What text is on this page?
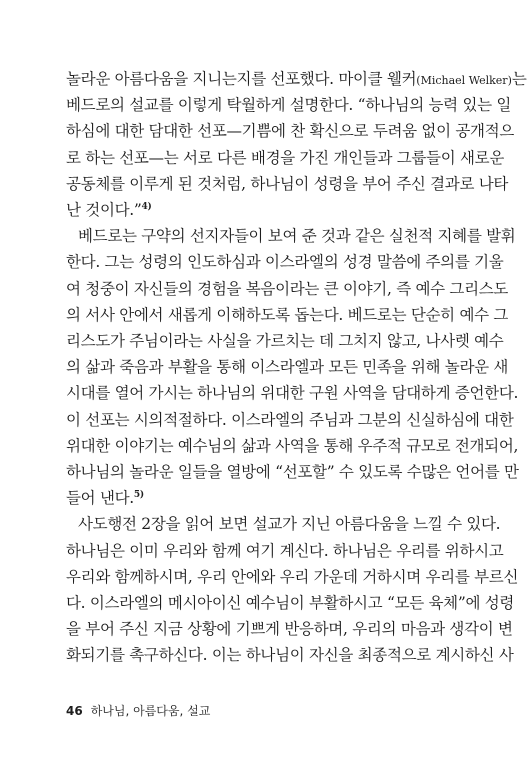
놀라운 아름다움을 지니는지를 선포했다. 마이클 웰커(Michael Welker)는
베드로의 설교를 이렇게 탁월하게 설명한다. “하나님의 능력 있는 일
하심에 대한 담대한 선포—기쁨에 찬 확신으로 두려움 없이 공개적으
로 하는 선포—는 서로 다른 배경을 가진 개인들과 그룹들이 새로운
공동체를 이루게 된 것처럼, 하나님이 성령을 부어 주신 결과로 나타
난 것이다.”$^{4)}$
베드로는 구약의 선지자들이 보여 준 것과 같은 실천적 지혜를 발휘
한다. 그는 성령의 인도하심과 이스라엘의 성경 말씀에 주의를 기울
여 청중이 자신들의 경험을 복음이라는 큰 이야기, 즉 예수 그리스도
의 서사 안에서 새롭게 이해하도록 돕는다. 베드로는 단순히 예수 그
리스도가 주님이라는 사실을 가르치는 데 그치지 않고, 나사렛 예수
의 삶과 죽음과 부활을 통해 이스라엘과 모든 민족을 위해 놀라운 새
시대를 열어 가시는 하나님의 위대한 구원 사역을 담대하게 증언한다.
이 선포는 시의적절하다. 이스라엘의 주님과 그분의 신실하심에 대한
위대한 이야기는 예수님의 삶과 사역을 통해 우주적 규모로 전개되어,
하나님의 놀라운 일들을 열방에 “선포할” 수 있도록 수많은 언어를 만
들어 낸다.$^{5)}$
사도행전 2장을 읽어 보면 설교가 지닌 아름다움을 느낄 수 있다.
하나님은 이미 우리와 함께 여기 계신다. 하나님은 우리를 위하시고
우리와 함께하시며, 우리 안에와 우리 가운데 거하시며 우리를 부르신
다. 이스라엘의 메시아이신 예수님이 부활하시고 “모든 육체”에 성령
을 부어 주신 지금 상황에 기쁘게 반응하며, 우리의 마음과 생각이 변
화되기를 촉구하신다. 이는 하나님이 자신을 최종적으로 계시하신 사
46 하나님, 아름다움, 설교
